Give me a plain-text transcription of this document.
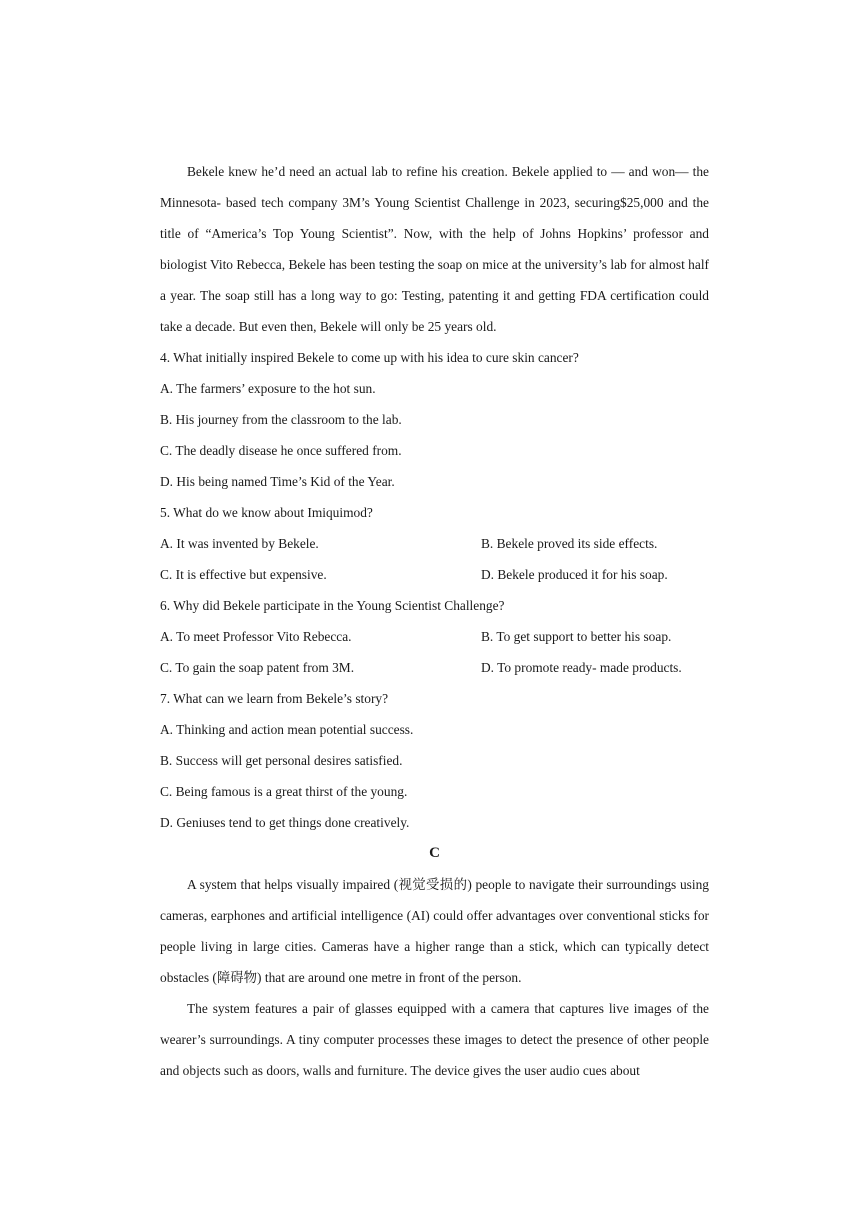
Bekele knew he’d need an actual lab to refine his creation. Bekele applied to — and won— the Minnesota- based tech company 3M’s Young Scientist Challenge in 2023, securing$25,000 and the title of “America’s Top Young Scientist”. Now, with the help of Johns Hopkins’ professor and biologist Vito Rebecca, Bekele has been testing the soap on mice at the university’s lab for almost half a year. The soap still has a long way to go: Testing, patenting it and getting FDA certification could take a decade. But even then, Bekele will only be 25 years old.

4. What initially inspired Bekele to come up with his idea to cure skin cancer?

A. The farmers’ exposure to the hot sun.

B. His journey from the classroom to the lab.

C. The deadly disease he once suffered from.

D. His being named Time’s Kid of the Year.

5. What do we know about Imiquimod?

A. It was invented by Bekele.	B. Bekele proved its side effects.
C. It is effective but expensive.	D. Bekele produced it for his soap.

6. Why did Bekele participate in the Young Scientist Challenge?

A. To meet Professor Vito Rebecca.	B. To get support to better his soap.
C. To gain the soap patent from 3M.	D. To promote ready- made products.

7. What can we learn from Bekele’s story?

A. Thinking and action mean potential success.

B. Success will get personal desires satisfied.

C. Being famous is a great thirst of the young.

D. Geniuses tend to get things done creatively.

C

A system that helps visually impaired (视觉受损的) people to navigate their surroundings using cameras, earphones and artificial intelligence (AI) could offer advantages over conventional sticks for people living in large cities. Cameras have a higher range than a stick, which can typically detect obstacles (障碍物) that are around one metre in front of the person.

The system features a pair of glasses equipped with a camera that captures live images of the wearer’s surroundings. A tiny computer processes these images to detect the presence of other people and objects such as doors, walls and furniture. The device gives the user audio cues about
